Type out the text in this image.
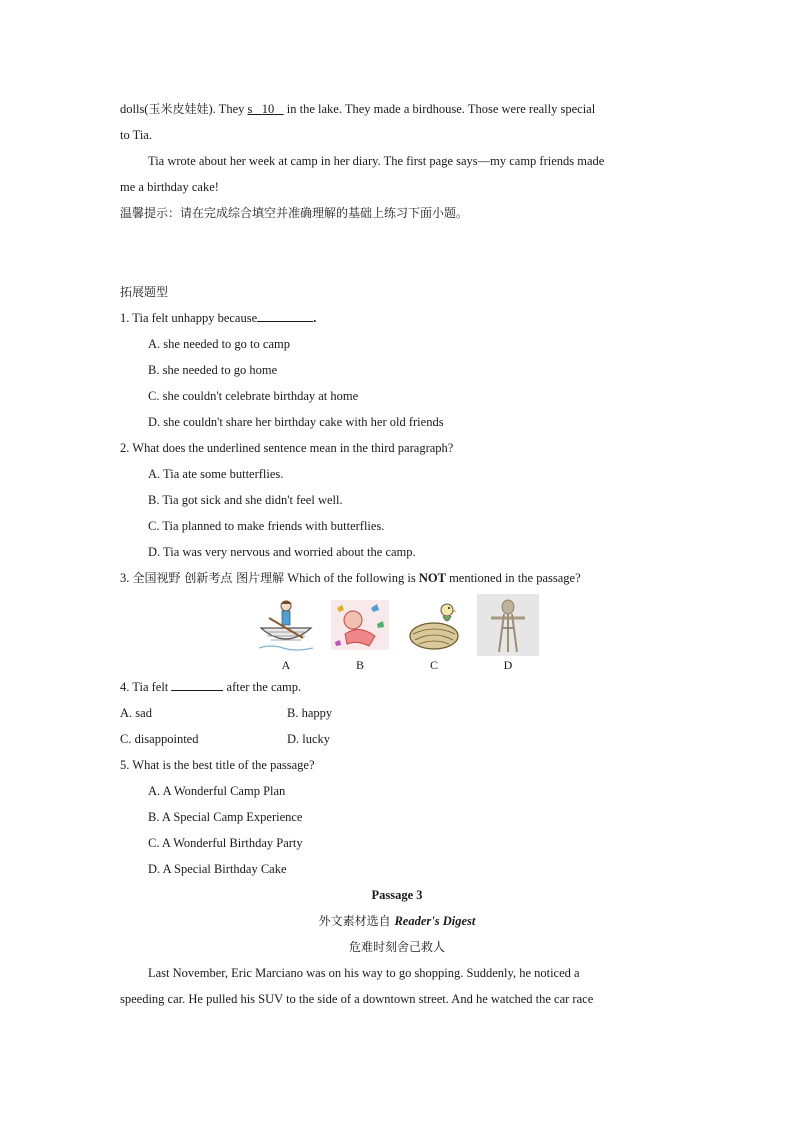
dolls(玉米皮娃娃). They s 10    in the lake. They made a birdhouse. Those were really special
to Tia.
Tia wrote about her week at camp in her diary. The first page says—my camp friends made
me a birthday cake!
温馨提示：请在完成综合填空并准确理解的基础上练习下面小题。
拓展题型
1. Tia felt unhappy because	.
A. she needed to go to camp
B. she needed to go home
C. she couldn't celebrate birthday at home
D. she couldn't share her birthday cake with her old friends
2. What does the underlined sentence mean in the third paragraph?
A. Tia ate some butterflies.
B. Tia got sick and she didn't feel well.
C. Tia planned to make friends with butterflies.
D. Tia was very nervous and worried about the camp.
3. 全国视野 创新考点 图片理解 Which of the following is NOT mentioned in the passage?
A	B	C	D
4. Tia felt	after the camp.
A. sad	B. happy
C. disappointed	D. lucky
5. What is the best title of the passage?
A. A Wonderful Camp Plan
B. A Special Camp Experience
C. A Wonderful Birthday Party
D. A Special Birthday Cake
Passage 3
外文素材选自 Reader's Digest
危难时刻舍己救人
Last November, Eric Marciano was on his way to go shopping. Suddenly, he noticed a
speeding car. He pulled his SUV to the side of a downtown street. And he watched the car race
